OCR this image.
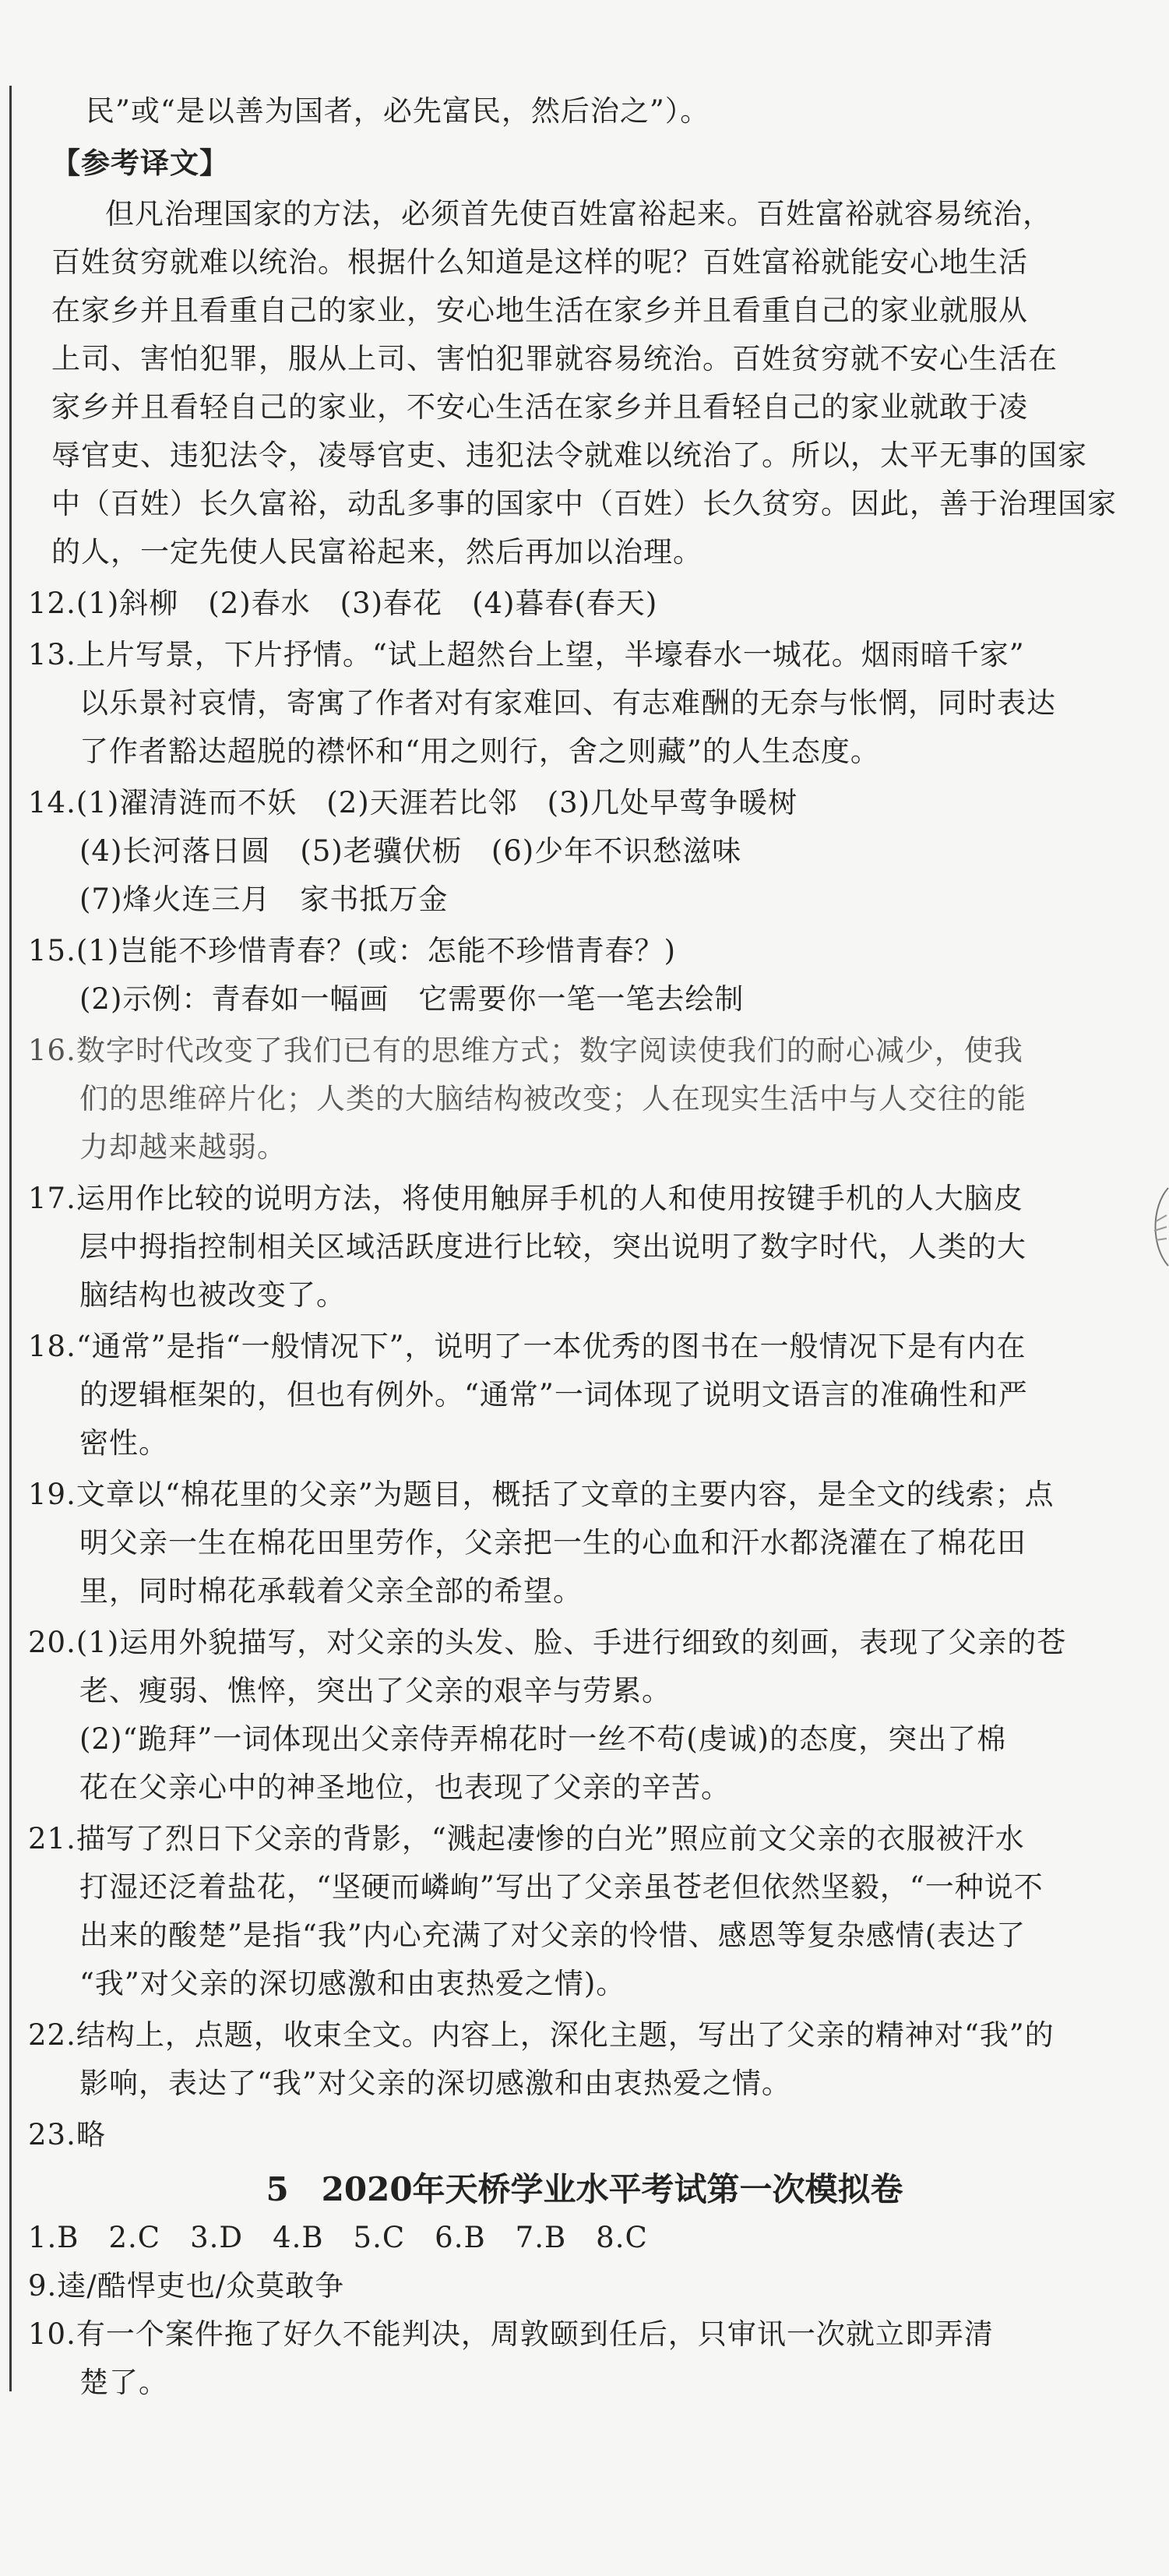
民”或“是以善为国者，必先富民，然后治之”）。
【参考译文】
但凡治理国家的方法，必须首先使百姓富裕起来。百姓富裕就容易统治，
百姓贫穷就难以统治。根据什么知道是这样的呢？百姓富裕就能安心地生活
在家乡并且看重自己的家业，安心地生活在家乡并且看重自己的家业就服从
上司、害怕犯罪，服从上司、害怕犯罪就容易统治。百姓贫穷就不安心生活在
家乡并且看轻自己的家业，不安心生活在家乡并且看轻自己的家业就敢于凌
辱官吏、违犯法令，凌辱官吏、违犯法令就难以统治了。所以，太平无事的国家
中（百姓）长久富裕，动乱多事的国家中（百姓）长久贫穷。因此，善于治理国家
的人，一定先使人民富裕起来，然后再加以治理。
12.(1)斜柳　(2)春水　(3)春花　(4)暮春(春天)
13.上片写景，下片抒情。“试上超然台上望，半壕春水一城花。烟雨暗千家”
以乐景衬哀情，寄寓了作者对有家难回、有志难酬的无奈与怅惘，同时表达
了作者豁达超脱的襟怀和“用之则行，舍之则藏”的人生态度。
14.(1)濯清涟而不妖　(2)天涯若比邻　(3)几处早莺争暖树
(4)长河落日圆　(5)老骥伏枥　(6)少年不识愁滋味
(7)烽火连三月　家书抵万金
15.(1)岂能不珍惜青春？(或：怎能不珍惜青春？)
(2)示例：青春如一幅画　它需要你一笔一笔去绘制
16.数字时代改变了我们已有的思维方式；数字阅读使我们的耐心减少，使我
们的思维碎片化；人类的大脑结构被改变；人在现实生活中与人交往的能
力却越来越弱。
17.运用作比较的说明方法，将使用触屏手机的人和使用按键手机的人大脑皮
层中拇指控制相关区域活跃度进行比较，突出说明了数字时代，人类的大
脑结构也被改变了。
18.“通常”是指“一般情况下”，说明了一本优秀的图书在一般情况下是有内在
的逻辑框架的，但也有例外。“通常”一词体现了说明文语言的准确性和严
密性。
19.文章以“棉花里的父亲”为题目，概括了文章的主要内容，是全文的线索；点
明父亲一生在棉花田里劳作，父亲把一生的心血和汗水都浇灌在了棉花田
里，同时棉花承载着父亲全部的希望。
20.(1)运用外貌描写，对父亲的头发、脸、手进行细致的刻画，表现了父亲的苍
老、瘦弱、憔悴，突出了父亲的艰辛与劳累。
(2)“跪拜”一词体现出父亲侍弄棉花时一丝不苟(虔诚)的态度，突出了棉
花在父亲心中的神圣地位，也表现了父亲的辛苦。
21.描写了烈日下父亲的背影，“溅起凄惨的白光”照应前文父亲的衣服被汗水
打湿还泛着盐花，“坚硬而嶙峋”写出了父亲虽苍老但依然坚毅，“一种说不
出来的酸楚”是指“我”内心充满了对父亲的怜惜、感恩等复杂感情(表达了
“我”对父亲的深切感激和由衷热爱之情)。
22.结构上，点题，收束全文。内容上，深化主题，写出了父亲的精神对“我”的
影响，表达了“我”对父亲的深切感激和由衷热爱之情。
23.略
5　2020年天桥学业水平考试第一次模拟卷
1.B　2.C　3.D　4.B　5.C　6.B　7.B　8.C
9.逵/酷悍吏也/众莫敢争
10.有一个案件拖了好久不能判决，周敦颐到任后，只审讯一次就立即弄清
楚了。
